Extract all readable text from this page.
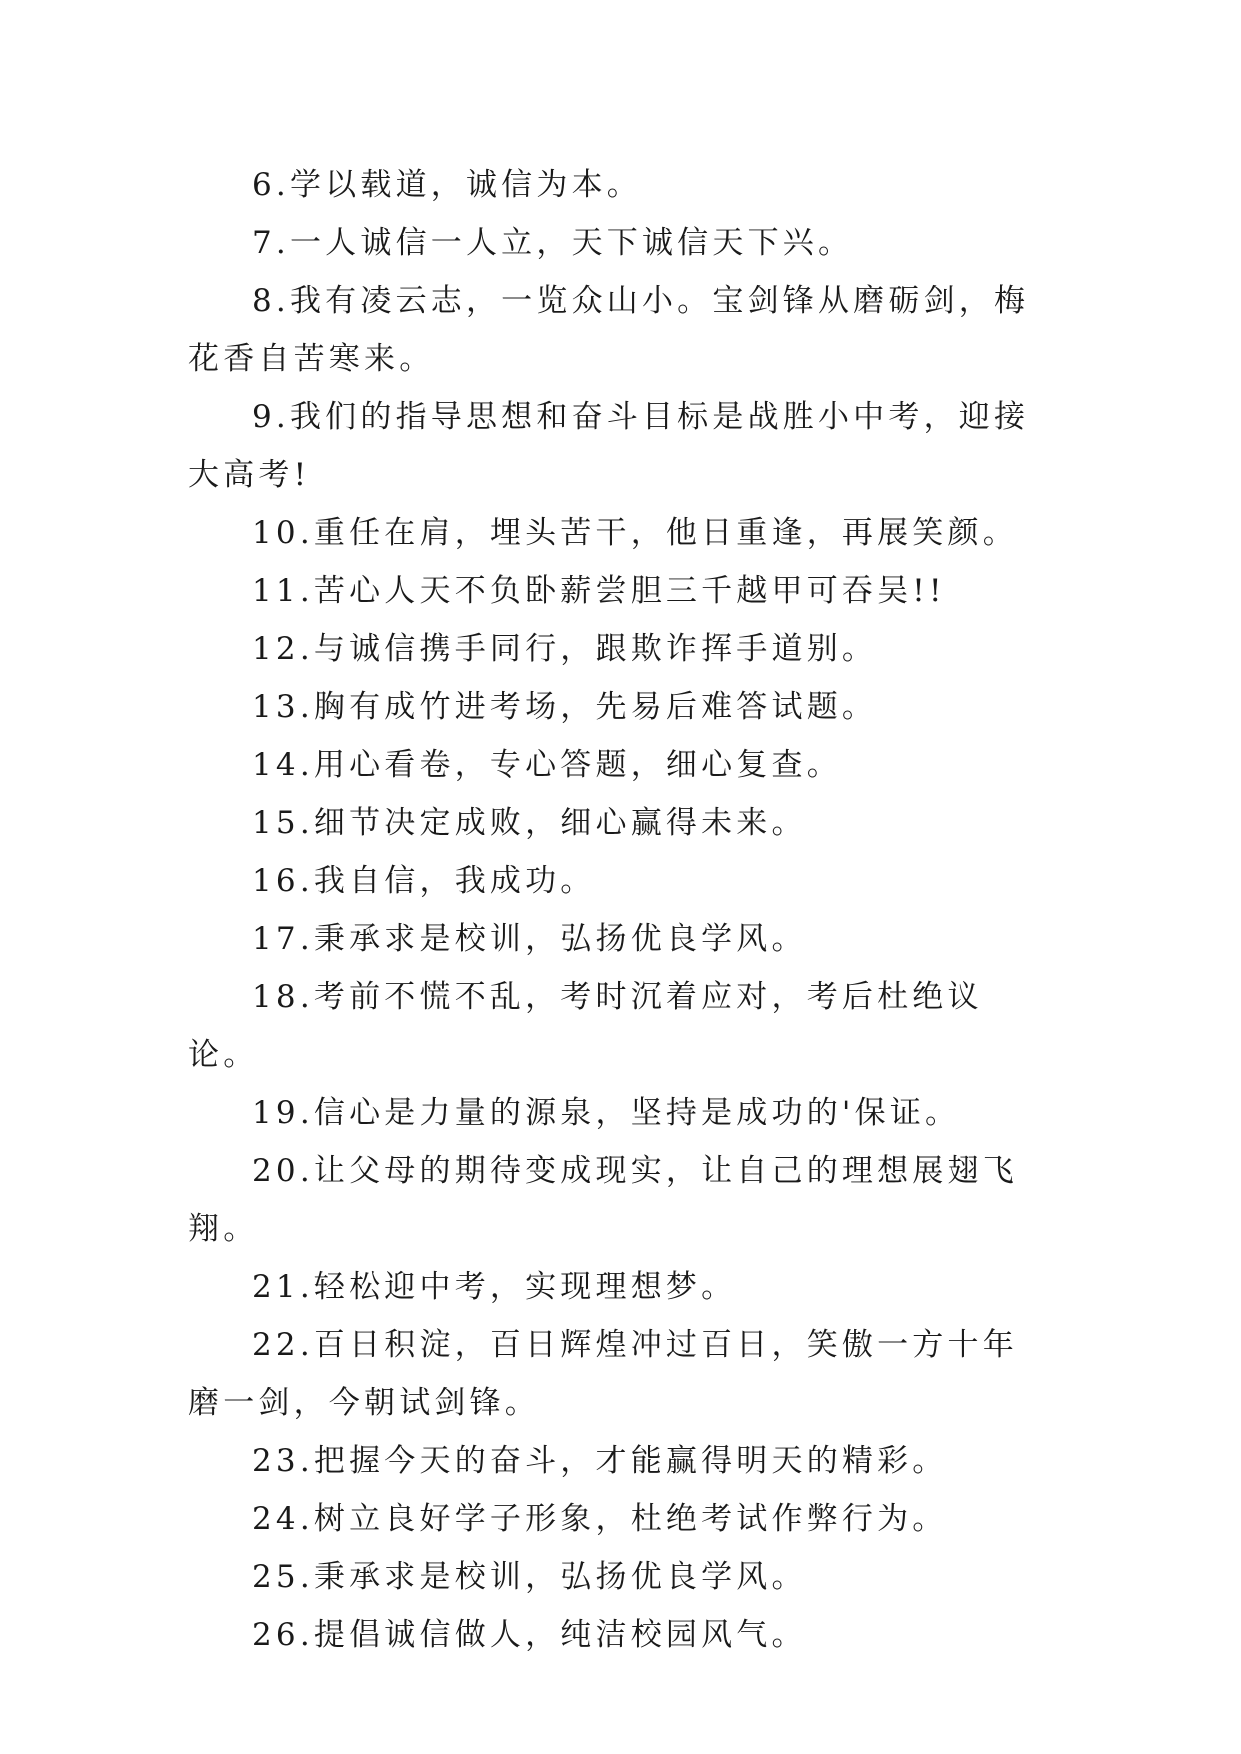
6.学以载道，诚信为本。

7.一人诚信一人立，天下诚信天下兴。

8.我有凌云志，一览众山小。宝剑锋从磨砺剑，梅花香自苦寒来。

9.我们的指导思想和奋斗目标是战胜小中考，迎接大高考!

10.重任在肩，埋头苦干，他日重逢，再展笑颜。

11.苦心人天不负卧薪尝胆三千越甲可吞吴!!

12.与诚信携手同行，跟欺诈挥手道别。

13.胸有成竹进考场，先易后难答试题。

14.用心看卷，专心答题，细心复查。

15.细节决定成败，细心赢得未来。

16.我自信，我成功。

17.秉承求是校训，弘扬优良学风。

18.考前不慌不乱，考时沉着应对，考后杜绝议论。

19.信心是力量的源泉，坚持是成功的'保证。

20.让父母的期待变成现实，让自己的理想展翅飞翔。

21.轻松迎中考，实现理想梦。

22.百日积淀，百日辉煌冲过百日，笑傲一方十年磨一剑，今朝试剑锋。

23.把握今天的奋斗，才能赢得明天的精彩。

24.树立良好学子形象，杜绝考试作弊行为。

25.秉承求是校训，弘扬优良学风。

26.提倡诚信做人，纯洁校园风气。
